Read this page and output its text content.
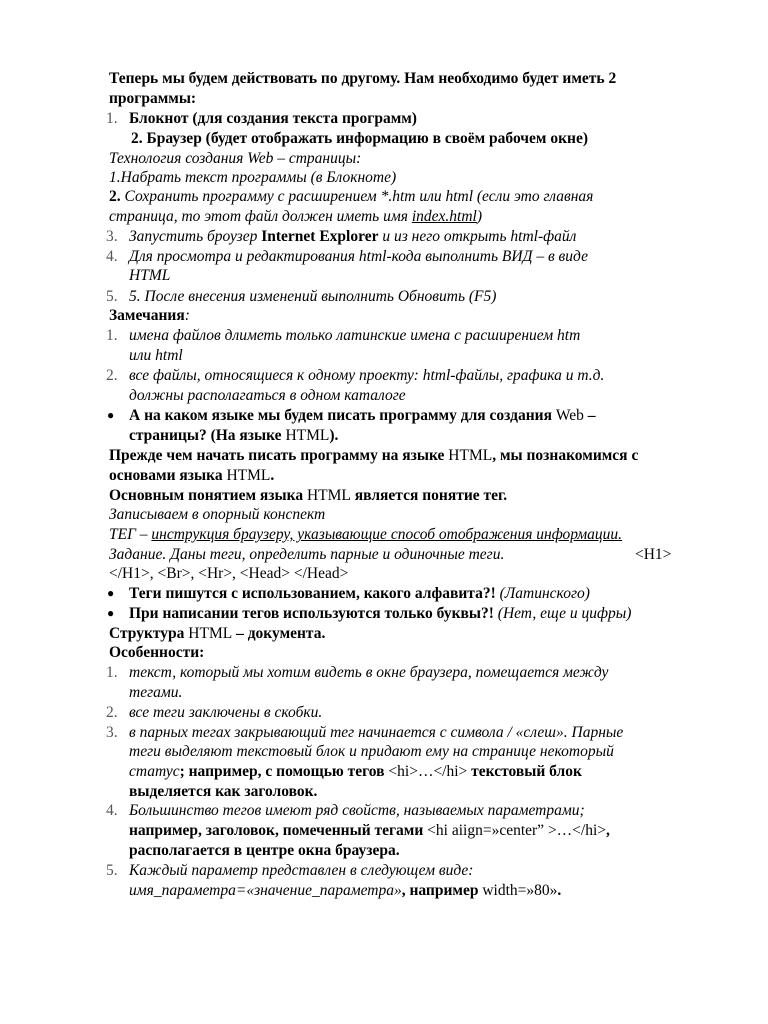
Теперь мы будем действовать по другому. Нам необходимо будет иметь 2
программы:
1. Блокнот (для создания текста программ)
2. Браузер (будет отображать информацию в своём рабочем окне)
Технология создания Web – страницы:
1.Набрать текст программы (в Блокноте)
2. Сохранить программу с расширением *.htm или html (если это главная
страница, то этот файл должен иметь имя index.html)
3. Запустить броузер Internet Explorer и из него открыть html-файл
4. Для просмотра и редактирования html-кода выполнить ВИД – в виде
HTML
5. 5. После внесения изменений выполнить Обновить (F5)
Замечания:
1. имена файлов длиметь только латинские имена с расширением htm
или html
2. все файлы, относящиеся к одному проекту: html-файлы, графика и т.д.
должны располагаться в одном каталоге
● А на каком языке мы будем писать программу для создания Web –
страницы? (На языке HTML).
Прежде чем начать писать программу на языке HTML, мы познакомимся с
основами языка HTML.
Основным понятием языка HTML является понятие тег.
Записываем в опорный конспект
ТЕГ – инструкция браузеру, указывающие способ отображения информации.
Задание. Даны теги, определить парные и одиночные теги.	<H1>
</H1>, <Br>, <Hr>, <Head> </Head>
● Теги пишутся с использованием, какого алфавита?! (Латинского)
● При написании тегов используются только буквы?! (Нет, еще и цифры)
Структура HTML – документа.
Особенности:
1. текст, который мы хотим видеть в окне браузера, помещается между
тегами.
2. все теги заключены в скобки.
3. в парных тегах закрывающий тег начинается с символа / «слеш». Парные
теги выделяют текстовый блок и придают ему на странице некоторый
статус; например, с помощью тегов <hi>…</hi> текстовый блок
выделяется как заголовок.
4. Большинство тегов имеют ряд свойств, называемых параметрами;
например, заголовок, помеченный тегами <hi aiign=»center” >…</hi>,
располагается в центре окна браузера.
5. Каждый параметр представлен в следующем виде:
имя_параметра=«значение_параметра», например width=»80».
